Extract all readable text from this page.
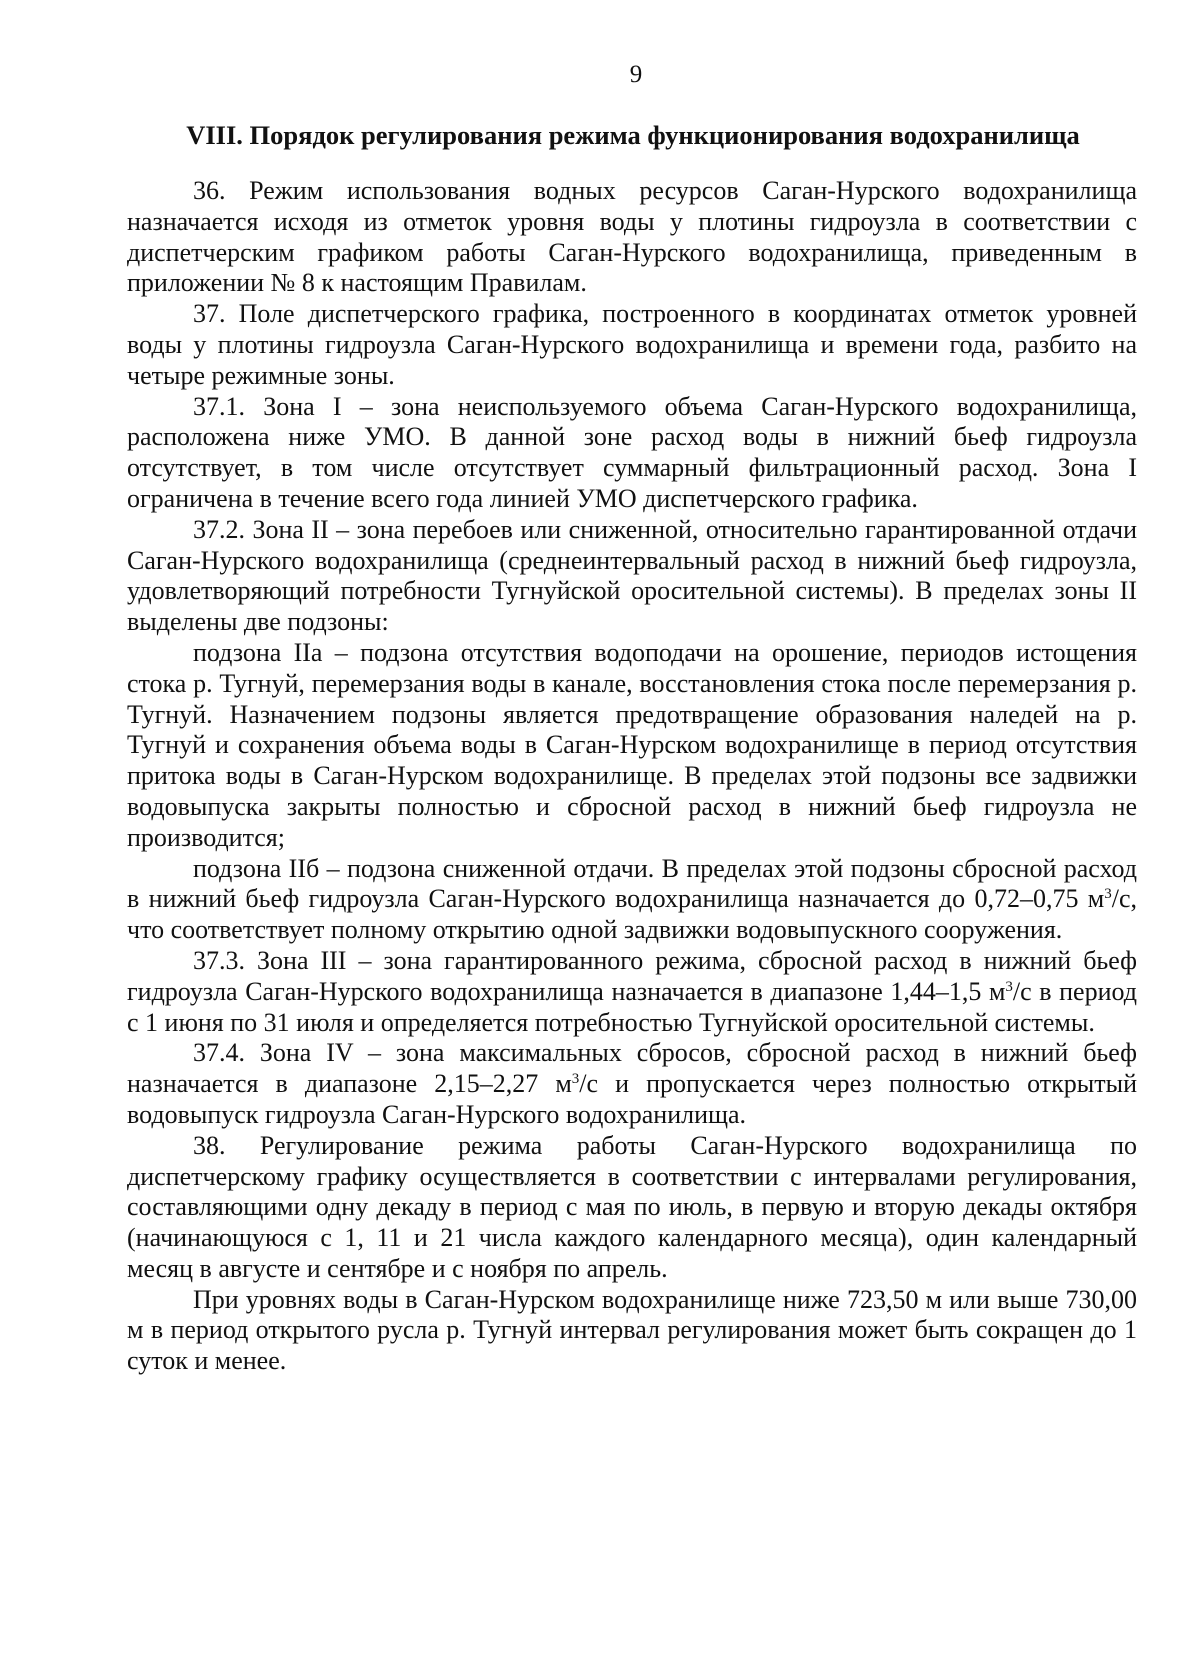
9
VIII. Порядок регулирования режима функционирования водохранилища

36. Режим использования водных ресурсов Саган-Нурского водохранилища назначается исходя из отметок уровня воды у плотины гидроузла в соответствии с диспетчерским графиком работы Саган-Нурского водохранилища, приведенным в приложении № 8 к настоящим Правилам.

37. Поле диспетчерского графика, построенного в координатах отметок уровней воды у плотины гидроузла Саган-Нурского водохранилища и времени года, разбито на четыре режимные зоны.

37.1. Зона I – зона неиспользуемого объема Саган-Нурского водохранилища, расположена ниже УМО. В данной зоне расход воды в нижний бьеф гидроузла отсутствует, в том числе отсутствует суммарный фильтрационный расход. Зона I ограничена в течение всего года линией УМО диспетчерского графика.

37.2. Зона II – зона перебоев или сниженной, относительно гарантированной отдачи Саган-Нурского водохранилища (среднеинтервальный расход в нижний бьеф гидроузла, удовлетворяющий потребности Тугнуйской оросительной системы). В пределах зоны II выделены две подзоны:

подзона IIа – подзона отсутствия водоподачи на орошение, периодов истощения стока р. Тугнуй, перемерзания воды в канале, восстановления стока после перемерзания р. Тугнуй. Назначением подзоны является предотвращение образования наледей на р. Тугнуй и сохранения объема воды в Саган-Нурском водохранилище в период отсутствия притока воды в Саган-Нурском водохранилище. В пределах этой подзоны все задвижки водовыпуска закрыты полностью и сбросной расход в нижний бьеф гидроузла не производится;

подзона IIб – подзона сниженной отдачи. В пределах этой подзоны сбросной расход в нижний бьеф гидроузла Саган-Нурского водохранилища назначается до 0,72–0,75 $м^3/с$, что соответствует полному открытию одной задвижки водовыпускного сооружения.

37.3. Зона III – зона гарантированного режима, сбросной расход в нижний бьеф гидроузла Саган-Нурского водохранилища назначается в диапазоне 1,44–1,5 $м^3/с$ в период с 1 июня по 31 июля и определяется потребностью Тугнуйской оросительной системы.

37.4. Зона IV – зона максимальных сбросов, сбросной расход в нижний бьеф назначается в диапазоне 2,15–2,27 $м^3/с$ и пропускается через полностью открытый водовыпуск гидроузла Саган-Нурского водохранилища.

38. Регулирование режима работы Саган-Нурского водохранилища по диспетчерскому графику осуществляется в соответствии с интервалами регулирования, составляющими одну декаду в период с мая по июль, в первую и вторую декады октября (начинающуюся с 1, 11 и 21 числа каждого календарного месяца), один календарный месяц в августе и сентябре и с ноября по апрель.

При уровнях воды в Саган-Нурском водохранилище ниже 723,50 м или выше 730,00 м в период открытого русла р. Тугнуй интервал регулирования может быть сокращен до 1 суток и менее.
